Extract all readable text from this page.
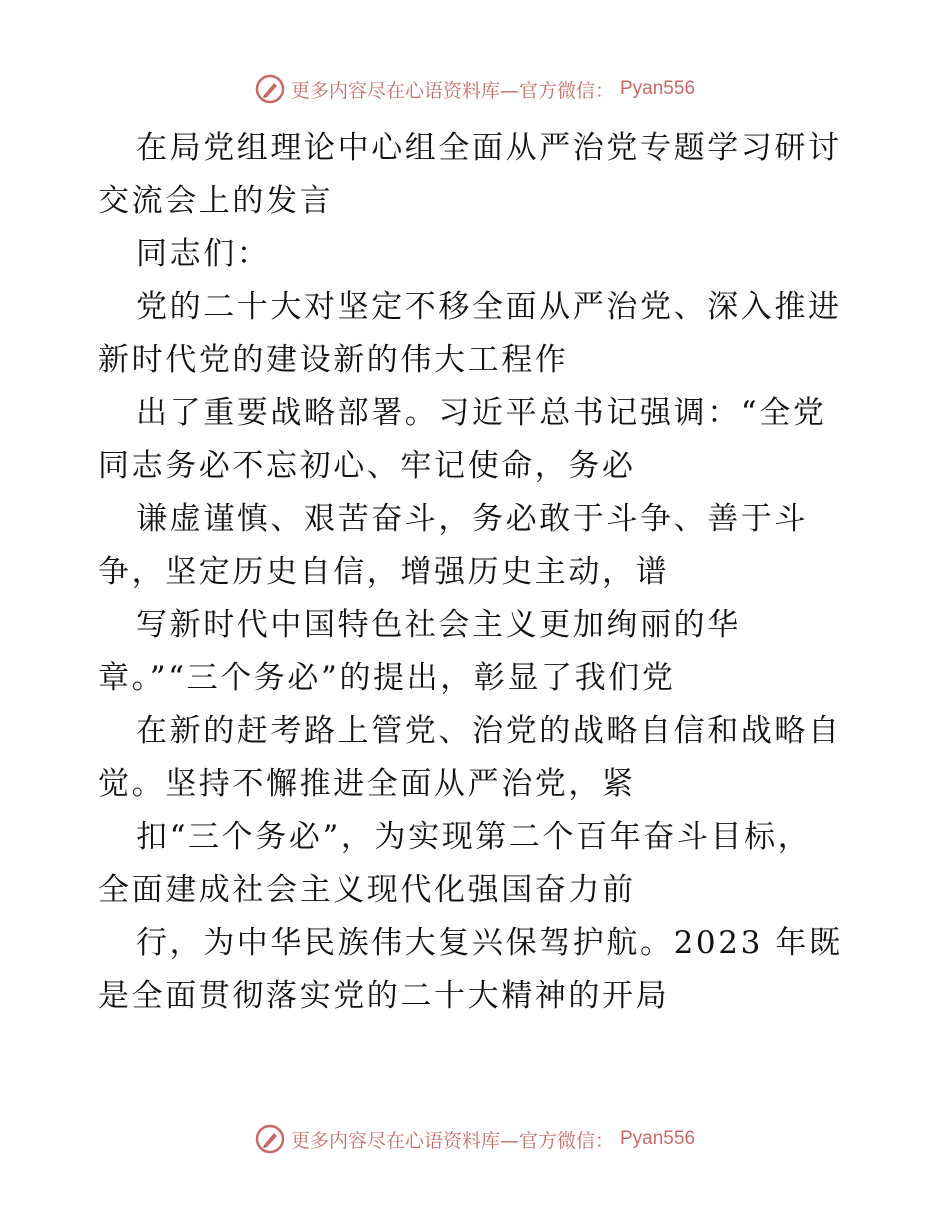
更多内容尽在心语资料库—官方微信： Pyan556
在局党组理论中心组全面从严治党专题学习研讨
交流会上的发言
同志们：
党的二十大对坚定不移全面从严治党、深入推进
新时代党的建设新的伟大工程作
出了重要战略部署。习近平总书记强调：“全党
同志务必不忘初心、牢记使命，务必
谦虚谨慎、艰苦奋斗，务必敢于斗争、善于斗
争，坚定历史自信，增强历史主动，谱
写新时代中国特色社会主义更加绚丽的华
章。”“三个务必”的提出，彰显了我们党
在新的赶考路上管党、治党的战略自信和战略自
觉。坚持不懈推进全面从严治党，紧
扣“三个务必”，为实现第二个百年奋斗目标，
全面建成社会主义现代化强国奋力前
行，为中华民族伟大复兴保驾护航。2023 年既
是全面贯彻落实党的二十大精神的开局
更多内容尽在心语资料库—官方微信： Pyan556
